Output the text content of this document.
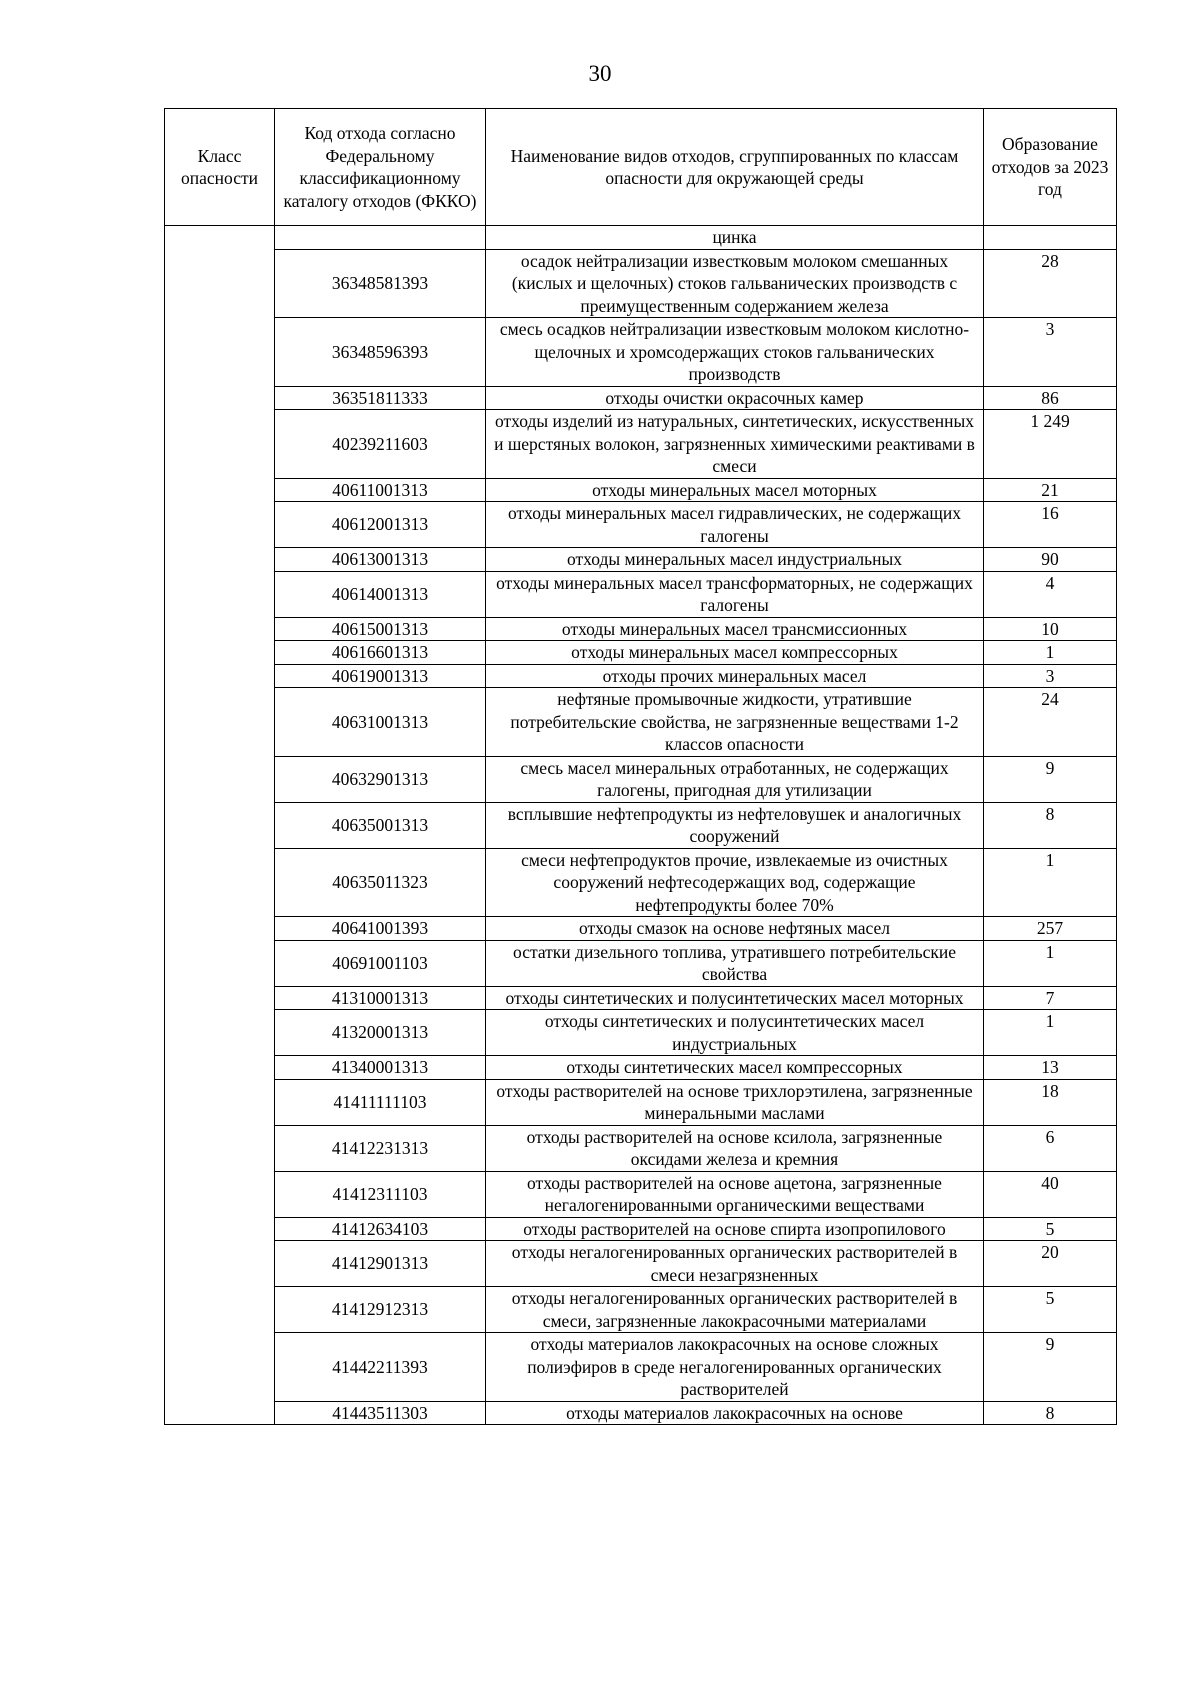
30
Класс опасности	Код отхода согласно Федеральному классификационному каталогу отходов (ФККО)	Наименование видов отходов, сгруппированных по классам опасности для окружающей среды	Образование отходов за 2023 год
		цинка	
	36348581393	осадок нейтрализации известковым молоком смешанных (кислых и щелочных) стоков гальванических производств с преимущественным содержанием железа	28
	36348596393	смесь осадков нейтрализации известковым молоком кислотно-щелочных и хромсодержащих стоков гальванических производств	3
	36351811333	отходы очистки окрасочных камер	86
	40239211603	отходы изделий из натуральных, синтетических, искусственных и шерстяных волокон, загрязненных химическими реактивами в смеси	1 249
	40611001313	отходы минеральных масел моторных	21
	40612001313	отходы минеральных масел гидравлических, не содержащих галогены	16
	40613001313	отходы минеральных масел индустриальных	90
	40614001313	отходы минеральных масел трансформаторных, не содержащих галогены	4
	40615001313	отходы минеральных масел трансмиссионных	10
	40616601313	отходы минеральных масел компрессорных	1
	40619001313	отходы прочих минеральных масел	3
	40631001313	нефтяные промывочные жидкости, утратившие потребительские свойства, не загрязненные веществами 1-2 классов опасности	24
	40632901313	смесь масел минеральных отработанных, не содержащих галогены, пригодная для утилизации	9
	40635001313	всплывшие нефтепродукты из нефтеловушек и аналогичных сооружений	8
	40635011323	смеси нефтепродуктов прочие, извлекаемые из очистных сооружений нефтесодержащих вод, содержащие нефтепродукты более 70%	1
	40641001393	отходы смазок на основе нефтяных масел	257
	40691001103	остатки дизельного топлива, утратившего потребительские свойства	1
	41310001313	отходы синтетических и полусинтетических масел моторных	7
	41320001313	отходы синтетических и полусинтетических масел индустриальных	1
	41340001313	отходы синтетических масел компрессорных	13
	41411111103	отходы растворителей на основе трихлорэтилена, загрязненные минеральными маслами	18
	41412231313	отходы растворителей на основе ксилола, загрязненные оксидами железа и кремния	6
	41412311103	отходы растворителей на основе ацетона, загрязненные негалогенированными органическими веществами	40
	41412634103	отходы растворителей на основе спирта изопропилового	5
	41412901313	отходы негалогенированных органических растворителей в смеси незагрязненных	20
	41412912313	отходы негалогенированных органических растворителей в смеси, загрязненные лакокрасочными материалами	5
	41442211393	отходы материалов лакокрасочных на основе сложных полиэфиров в среде негалогенированных органических растворителей	9
	41443511303	отходы материалов лакокрасочных на основе	8
